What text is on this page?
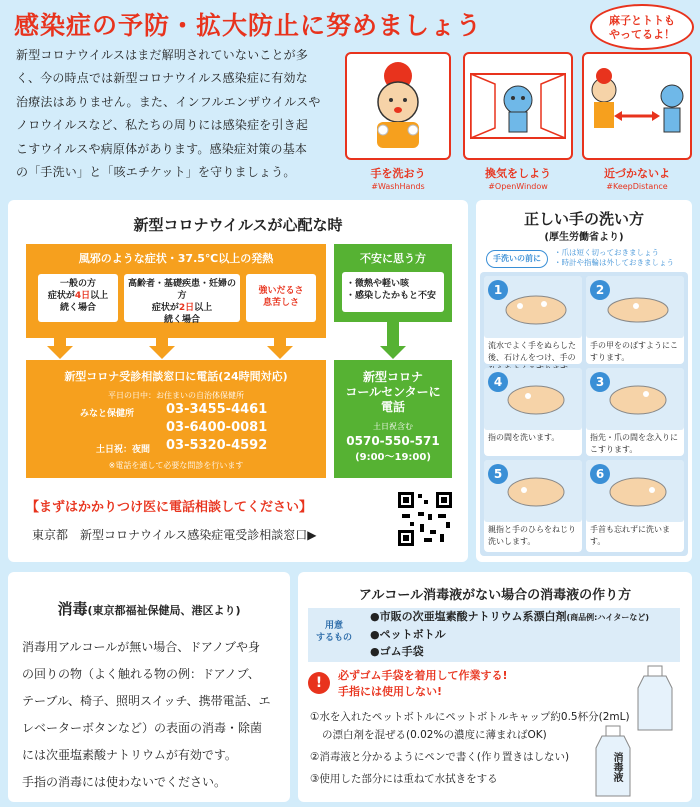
感染症の予防・拡大防止に努めましょう	麻子とトトも
やってるよ！
新型コロナウイルスはまだ解明されていないことが多
く、今の時点では新型コロナウイルス感染症に有効な
治療法はありません。また、インフルエンザウイルスや
ノロウイルスなど、私たちの周りには感染症を引き起
こすウイルスや病原体があります。感染症対策の基本
の「手洗い」と「咳エチケット」を守りましょう。	手を洗おう
#WashHands
換気をしよう
#OpenWindow
近づかないよ
#KeepDistance
新型コロナウイルスが心配な時
風邪のような症状・37.5℃以上の発熱
一般の方
症状が4日以上
続く場合
高齢者・基礎疾患・妊婦の方
症状が2日以上
続く場合
強いだるさ
息苦しさ
新型コロナ受診相談窓口に電話(24時間対応)
平日の日中：お住まいの自治体保健所
みなと保健所 03-3455-4461
03-6400-0081
土日祝：夜間 03-5320-4592
※電話を通して必要な問診を行います
不安に思う方
・微熱や軽い咳
・感染したかもと不安
新型コロナ
コールセンターに
電話
土日祝含む
0570-550-571
(9:00～19:00)
【まずはかかりつけ医に電話相談してください】
東京都　新型コロナウイルス感染症電受診相談窓口▶
正しい手の洗い方
(厚生労働省より)
手洗いの前に
・爪は短く切っておきましょう
・時計や指輪は外しておきましょう
1
流水でよく手をぬらした後、石けんをつけ、手の
2
手の甲をのばすようにこすります。
4
指の間を洗います。
3
指先・爪の間を念入りにこすります。
5
親指と手のひらをねじり洗いします。
6
手首も忘れずに洗います。
消毒(東京都福祉保健局、港区より)
消毒用アルコールが無い場合、ドアノブや身
の回りの物（よく触れる物の例：ドアノブ、
テーブル、椅子、照明スイッチ、携帯電話、エ
レベーターボタンなど）の表面の消毒・除菌
には次亜塩素酸ナトリウムが有効です。
手指の消毒には使わないでください。
アルコール消毒液がない場合の消毒液の作り方
用意
するもの
●市販の次亜塩素酸ナトリウム系漂白剤(商品例:ハイターなど)
●ペットボトル
●ゴム手袋
!	必ずゴム手袋を着用して作業する!
手指には使用しない!
①水を入れたペットボトルにペットボトルキャップ約0.5杯分(2mL)
の漂白剤を混ぜる(0.02%の濃度に薄まればOK)
②消毒液と分かるようにペンで書く(作り置きはしない)
③使用した部分には重ねて水拭きをする	消毒液
